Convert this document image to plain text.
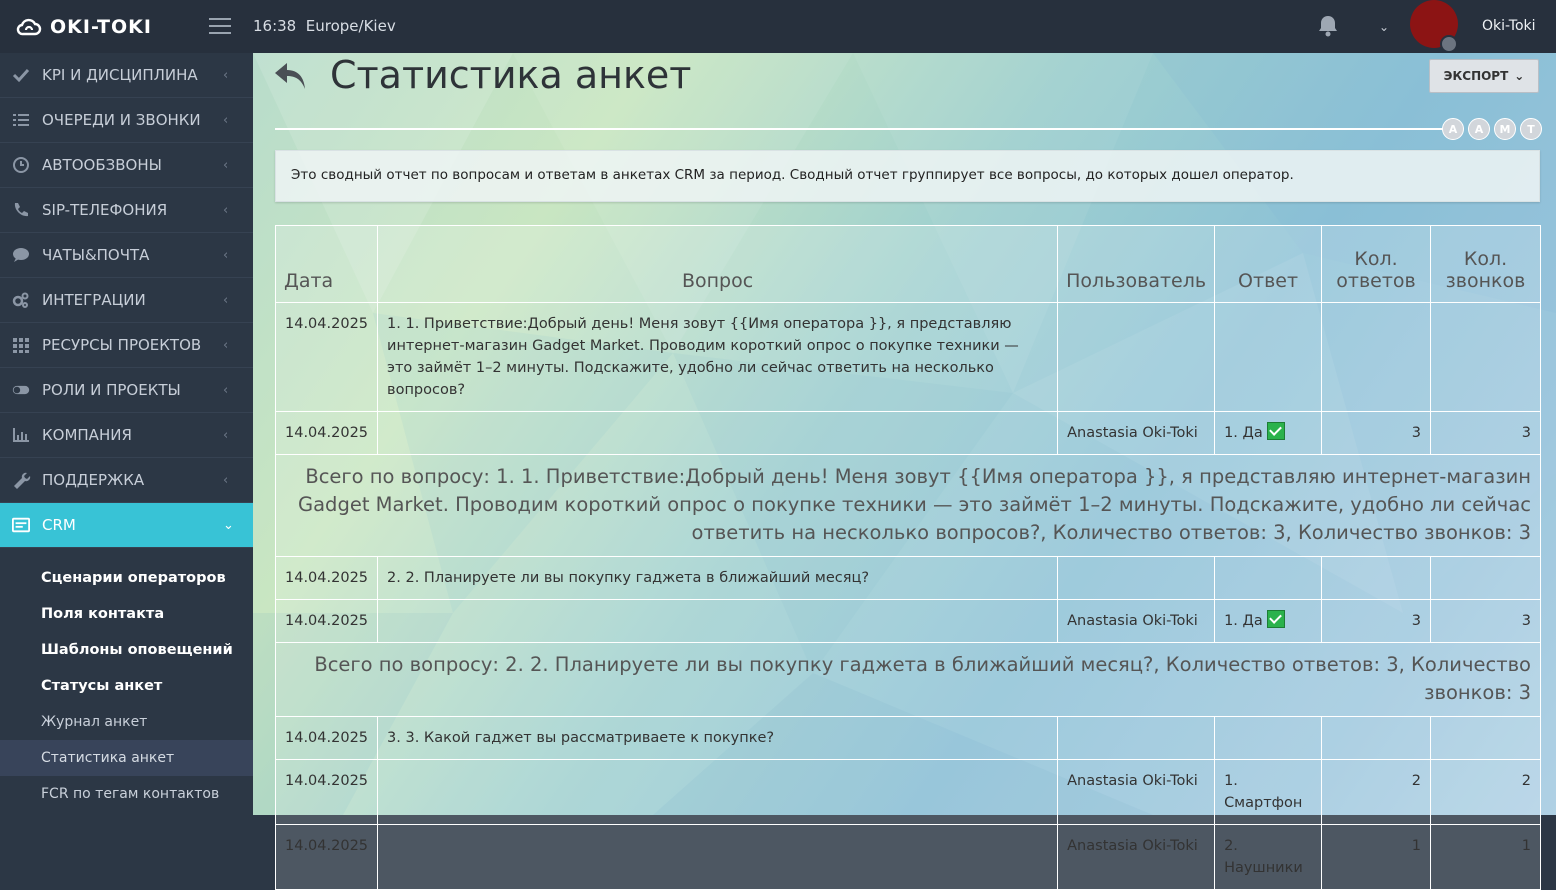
OKI-TOKI	16:38 Europe/Kiev	⌄	Oki-Toki
KPI И ДИСЦИПЛИНА	‹
ОЧЕРЕДИ И ЗВОНКИ	‹
АВТООБЗВОНЫ	‹
SIP-ТЕЛЕФОНИЯ	‹
ЧАТЫ&ПОЧТА	‹
ИНТЕГРАЦИИ	‹
РЕСУРСЫ ПРОЕКТОВ	‹
РОЛИ И ПРОЕКТЫ	‹
КОМПАНИЯ	‹
ПОДДЕРЖКА	‹
CRM	⌄
Сценарии операторов
Поля контакта
Шаблоны оповещений
Статусы анкет
Журнал анкет
Статистика анкет
FCR по тегам контактов
Статистика анкет	ЭКСПОРТ ⌄
A	A	M	T
Это сводный отчет по вопросам и ответам в анкетах CRM за период. Сводный отчет группирует все вопросы, до которых дошел оператор.
Дата	Вопрос	Пользователь	Ответ	Кол. ответов	Кол. звонков
14.04.2025	1. 1. Приветствие:Добрый день! Меня зовут {{Имя оператора }}, я представляю интернет-магазин Gadget Market. Проводим короткий опрос о покупке техники — это займёт 1–2 минуты. Подскажите, удобно ли сейчас ответить на несколько вопросов?				
14.04.2025		Anastasia Oki-Toki	1. Да	3	3
Всего по вопросу: 1. 1. Приветствие:Добрый день! Меня зовут {{Имя оператора }}, я представляю интернет-магазин Gadget Market. Проводим короткий опрос о покупке техники — это займёт 1–2 минуты. Подскажите, удобно ли сейчас ответить на несколько вопросов?, Количество ответов: 3, Количество звонков: 3					
14.04.2025	2. 2. Планируете ли вы покупку гаджета в ближайший месяц?				
14.04.2025		Anastasia Oki-Toki	1. Да	3	3
Всего по вопросу: 2. 2. Планируете ли вы покупку гаджета в ближайший месяц?, Количество ответов: 3, Количество звонков: 3					
14.04.2025	3. 3. Какой гаджет вы рассматриваете к покупке?				
14.04.2025		Anastasia Oki-Toki	1. Смартфон	2	2
14.04.2025		Anastasia Oki-Toki	2. Наушники	1	1
